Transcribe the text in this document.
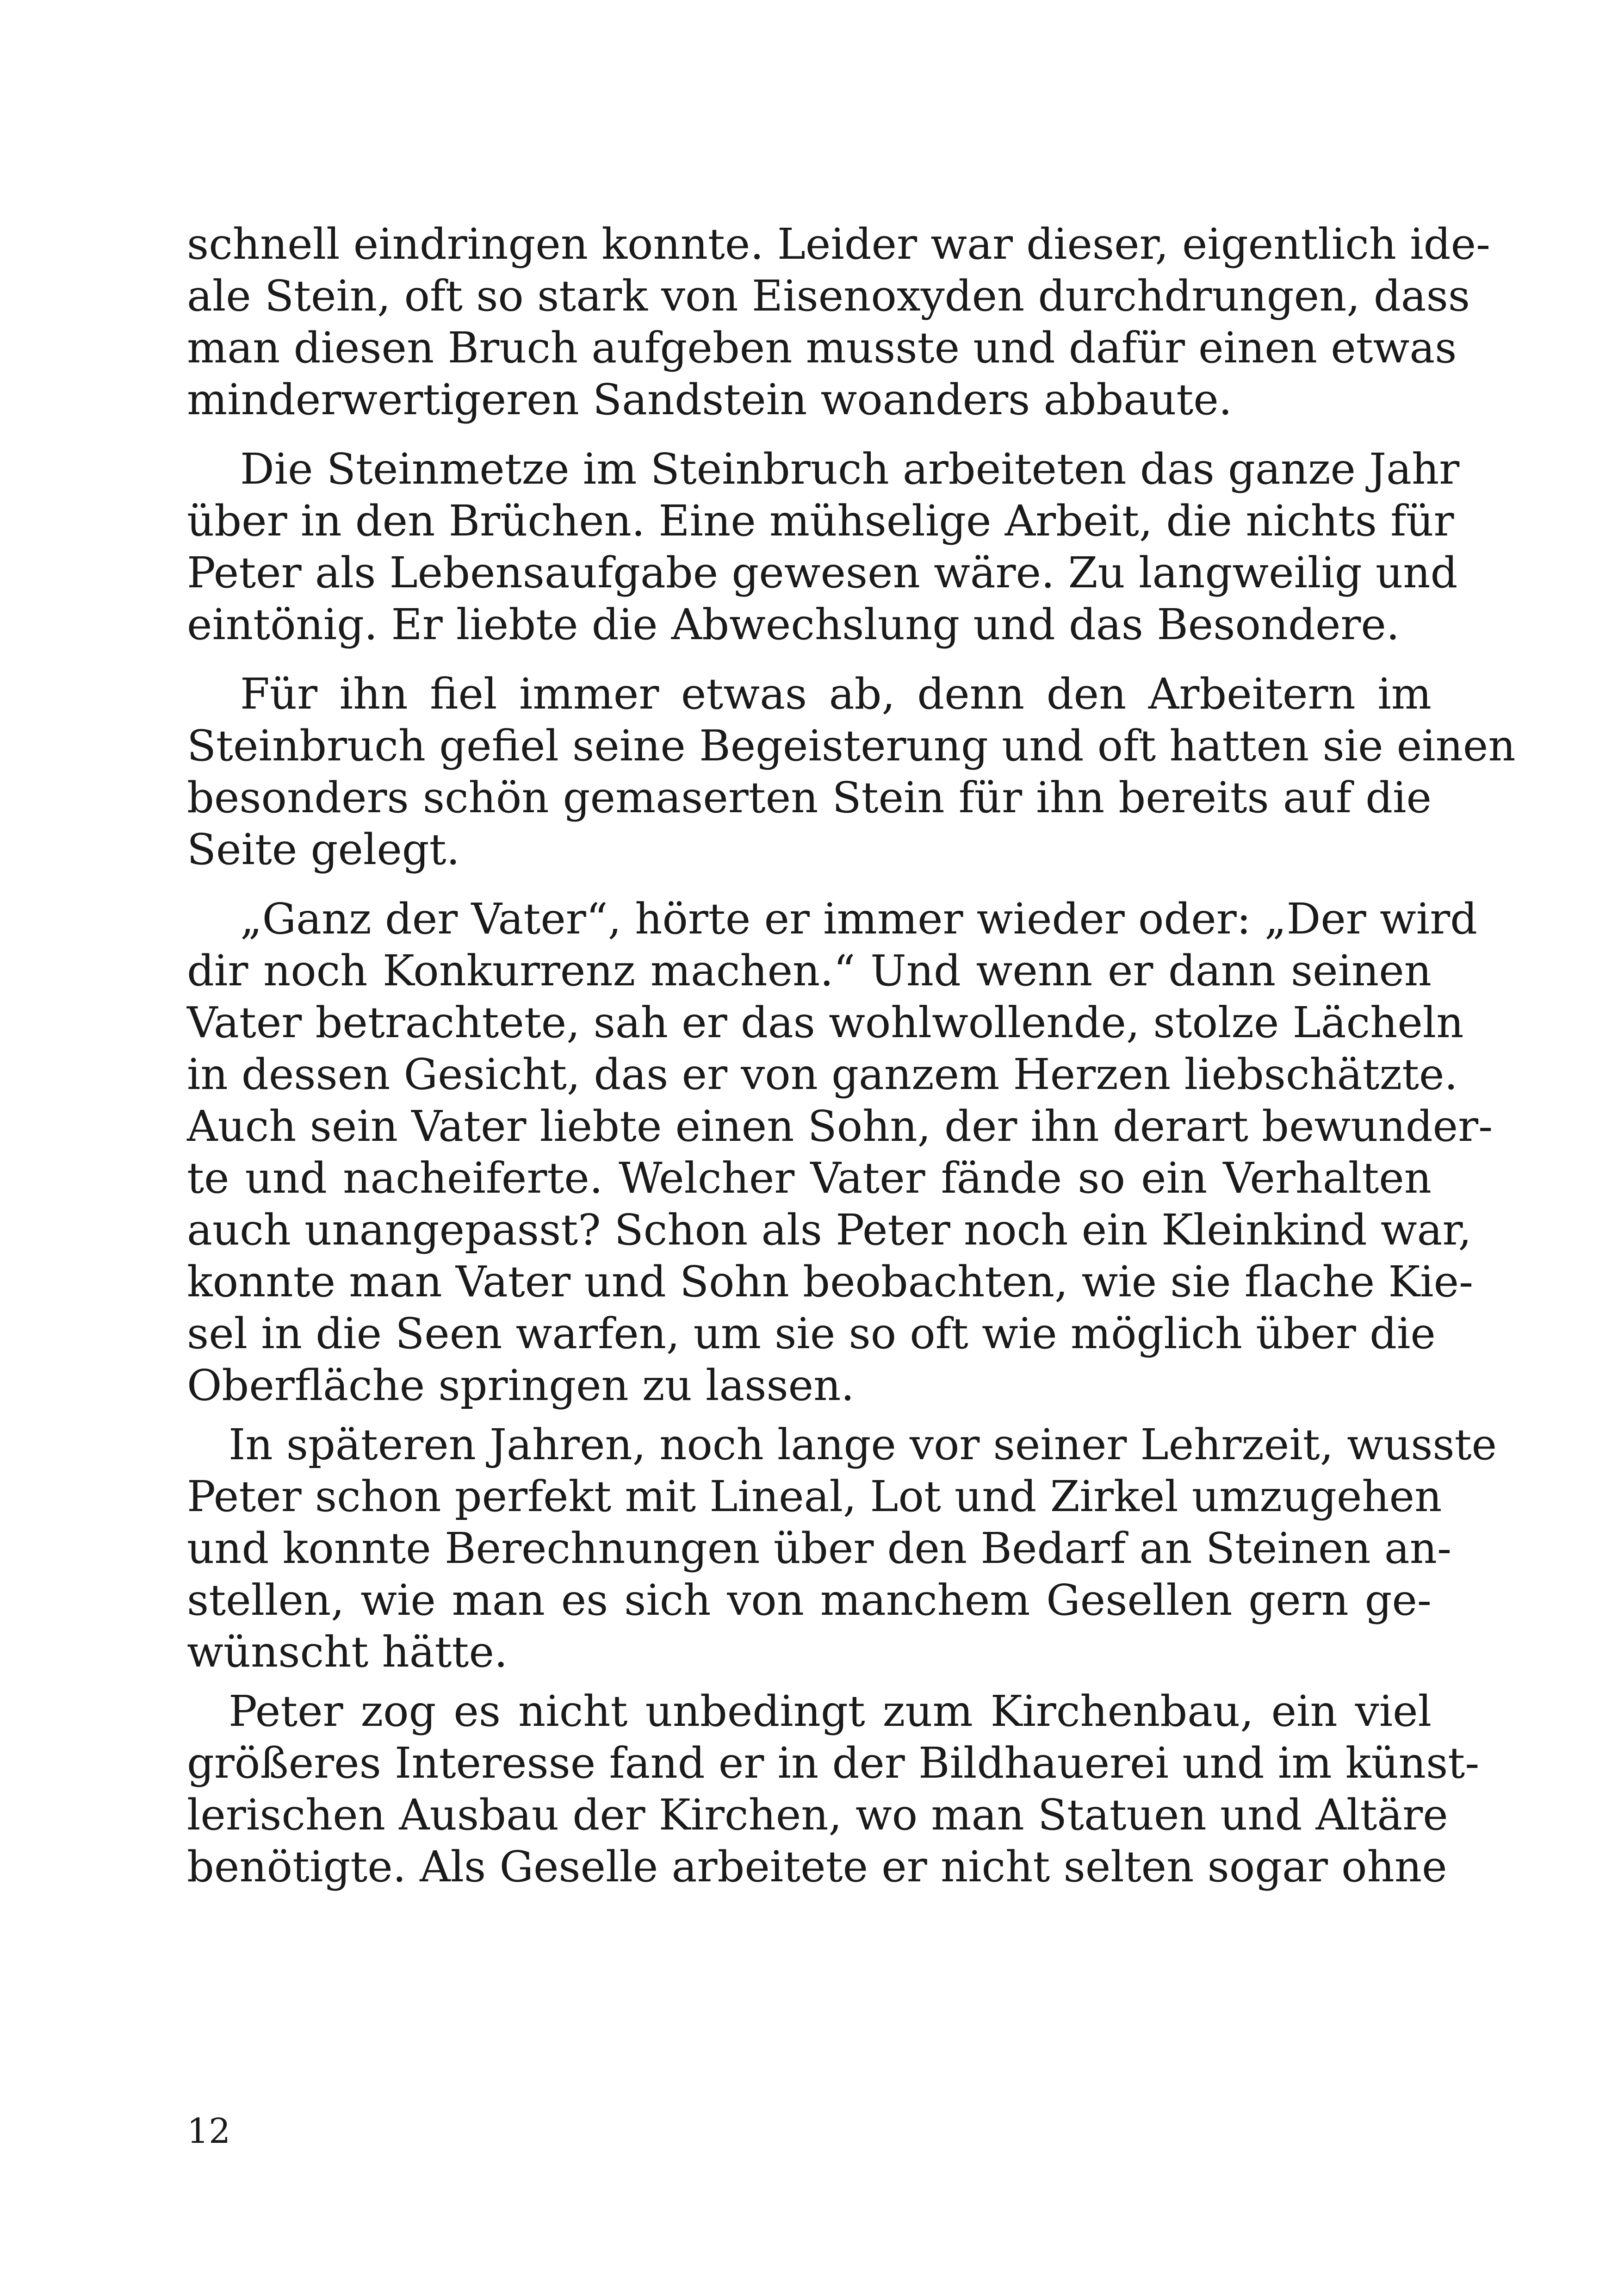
schnell eindringen konnte. Leider war dieser, eigentlich ide-
ale Stein, oft so stark von Eisenoxyden durchdrungen, dass
man diesen Bruch aufgeben musste und dafür einen etwas
minderwertigeren Sandstein woanders abbaute.
Die Steinmetze im Steinbruch arbeiteten das ganze Jahr
über in den Brüchen. Eine mühselige Arbeit, die nichts für
Peter als Lebensaufgabe gewesen wäre. Zu langweilig und
eintönig. Er liebte die Abwechslung und das Besondere.
Für ihn fiel immer etwas ab, denn den Arbeitern im
Steinbruch gefiel seine Begeisterung und oft hatten sie einen
besonders schön gemaserten Stein für ihn bereits auf die
Seite gelegt.
„Ganz der Vater“, hörte er immer wieder oder: „Der wird
dir noch Konkurrenz machen.“ Und wenn er dann seinen
Vater betrachtete, sah er das wohlwollende, stolze Lächeln
in dessen Gesicht, das er von ganzem Herzen liebschätzte.
Auch sein Vater liebte einen Sohn, der ihn derart bewunder-
te und nacheiferte. Welcher Vater fände so ein Verhalten
auch unangepasst? Schon als Peter noch ein Kleinkind war,
konnte man Vater und Sohn beobachten, wie sie flache Kie-
sel in die Seen warfen, um sie so oft wie möglich über die
Oberfläche springen zu lassen.
In späteren Jahren, noch lange vor seiner Lehrzeit, wusste
Peter schon perfekt mit Lineal, Lot und Zirkel umzugehen
und konnte Berechnungen über den Bedarf an Steinen an-
stellen, wie man es sich von manchem Gesellen gern ge-
wünscht hätte.
Peter zog es nicht unbedingt zum Kirchenbau, ein viel
größeres Interesse fand er in der Bildhauerei und im künst-
lerischen Ausbau der Kirchen, wo man Statuen und Altäre
benötigte. Als Geselle arbeitete er nicht selten sogar ohne
12
